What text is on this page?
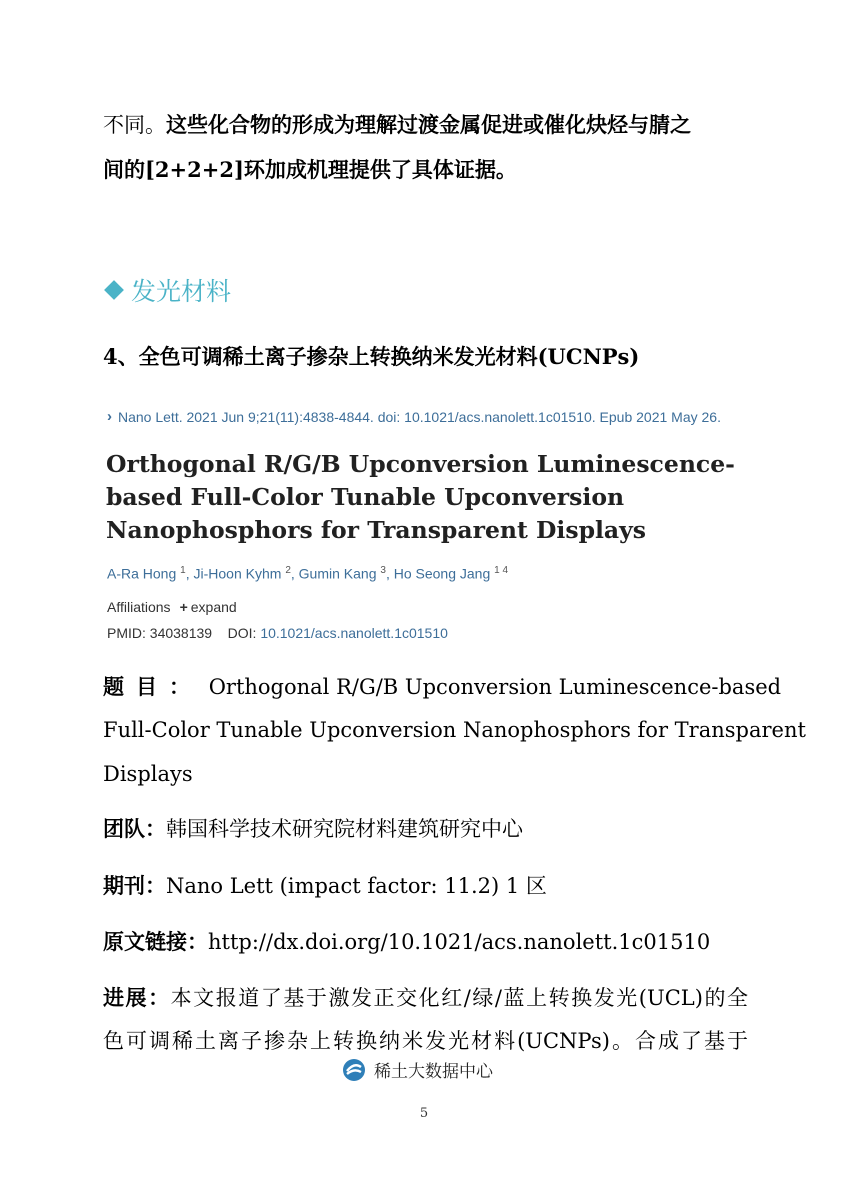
不同。这些化合物的形成为理解过渡金属促进或催化炔烃与腈之
间的[2+2+2]环加成机理提供了具体证据。
发光材料
4、全色可调稀土离子掺杂上转换纳米发光材料(UCNPs)
› Nano Lett. 2021 Jun 9;21(11):4838-4844. doi: 10.1021/acs.nanolett.1c01510. Epub 2021 May 26.
Orthogonal R/G/B Upconversion Luminescence-
based Full-Color Tunable Upconversion
Nanophosphors for Transparent Displays
A-Ra Hong $^1$, Ji-Hoon Kyhm $^2$, Gumin Kang $^3$, Ho Seong Jang $^{1 4}$
Affiliations + expand
PMID: 34038139 DOI: 10.1021/acs.nanolett.1c01510
题目： Orthogonal R/G/B Upconversion Luminescence-based
Full-Color Tunable Upconversion Nanophosphors for Transparent
Displays
团队：韩国科学技术研究院材料建筑研究中心
期刊：Nano Lett (impact factor: 11.2) 1 区
原文链接：http://dx.doi.org/10.1021/acs.nanolett.1c01510
进展：本文报道了基于激发正交化红/绿/蓝上转换发光(UCL)的全
色可调稀土离子掺杂上转换纳米发光材料(UCNPs)。合成了基于
稀土大数据中心
5
